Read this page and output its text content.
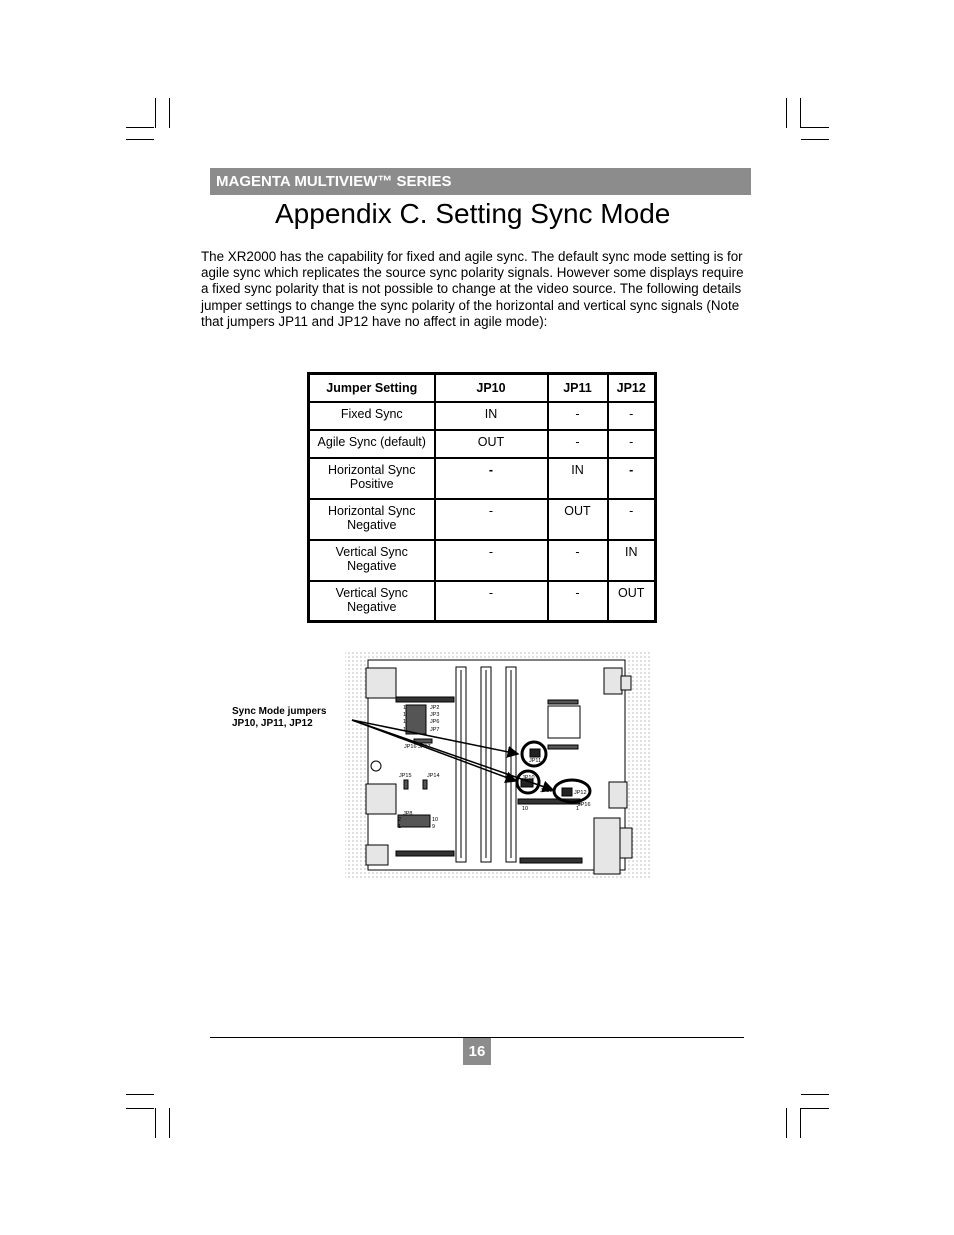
MAGENTA MULTIVIEW™ SERIES
Appendix C. Setting Sync Mode

The XR2000 has the capability for fixed and agile sync. The default sync mode setting is for agile sync which replicates the source sync polarity signals. However some displays require a fixed sync polarity that is not possible to change at the video source. The following details jumper settings to change the sync polarity of the horizontal and vertical sync signals (Note that jumpers JP11 and JP12 have no affect in agile mode):

Jumper Setting	JP10	JP11	JP12
Fixed Sync	IN	-	-
Agile Sync (default)	OUT	-	-
Horizontal Sync
Positive	-	IN	-
Horizontal Sync
Negative	-	OUT	-
Vertical Sync
Negative	-	-	IN
Vertical Sync
Negative	-	-	OUT
Sync Mode jumpers
JP10, JP11, JP12
JP2
JP3
JP6
JP7
1
1
1
1
JP16 JP17
JP15	JP14
JP8
2
1
10
9
JP11
JP10
JP13	JP12
JP16
10	1
16
